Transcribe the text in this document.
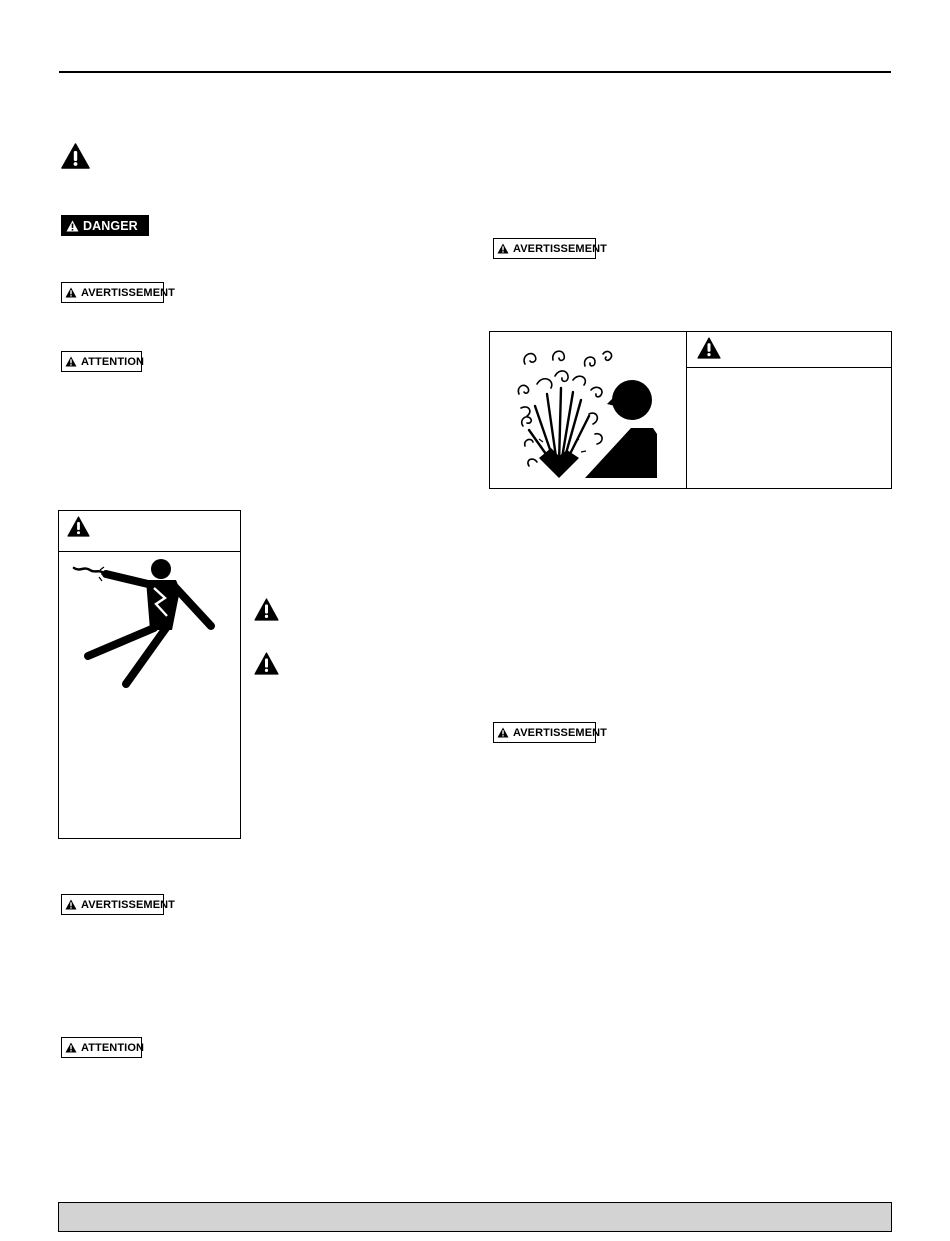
DANGER
AVERTISSEMENT
ATTENTION
AVERTISSEMENT
ATTENTION
AVERTISSEMENT
AVERTISSEMENT
